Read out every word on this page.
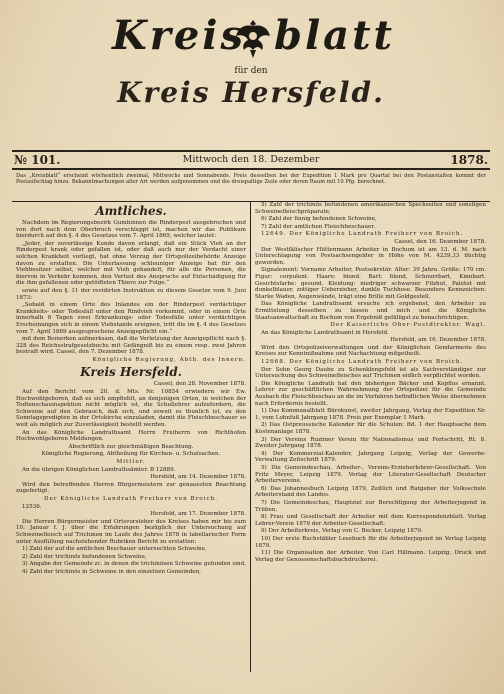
Kreis blatt
für den
Kreis Hersfeld.
№ 101.	Mittwoch den 18. Dezember	1878.
Das „Kreisblatt“ erscheint wöchentlich zweimal, Mittwochs und Sonnabends. Preis desselben bei der Expedition 1 Mark pro Quartal bei den Postanstalten kommt der Postaufschlag hinzu. Bekanntmachungen aller Art werden aufgenommen und die dreispaltige Zeile oder deren Raum mit 10 Pfg. berechnet.
Amtliches.

Nachdem im Regierungsbezirk Gumbinnen die Rinderpest ausgebrochen und von dort nach dem Oberbruch verschleppt ist, machen wir das Publikum hierdurch auf den §. 4 des Gesetzes vom 7. April 1869, welcher lautet:

„Jeder, der zuverlässige Kunde davon erlangt, daß ein Stück Vieh an der Rinderpest krank oder gefallen ist, oder daß auch nur der Verdacht einer solchen Krankheit vorliegt, hat ohne Verzug der Ortspolizeibehörde Anzeige davon zu erstatten. Die Unterlassung schleuniger Anzeige hat für den Viehbesitzer selbst, welcher mit Vieh gehandelt, für alle die Personen, die hiervon in Verkehr kommen, den Verlust des Anspruchs auf Entschädigung für die ihm gefallenen oder getödteten Thiere zur Folge.“

sowie auf den §. 11 der revidirten Instruktion zu diesem Gesetze vom 9. Juni 1873:

„Sobald in einem Orte des Inlandes ein der Rinderpest verdächtiger Krankheits- oder Todesfall unter den Rindvieh vorkommt, oder in einem Orte innerhalb 8 Tagen zwei Erkrankungs- oder Todesfälle unter verdächtigen Erscheinungen sich in einem Viehstande ereignen, tritt die im §. 4 des Gesetzes vom 7. April 1869 ausgesprochene Anzeigepflicht ein.“

mit dem Bemerken aufmerksam, daß die Verletzung der Anzeigepflicht nach §. 328 des Reichsstrafgesetzbuchs mit Gefängniß bis zu einem resp. zwei Jahren bestraft wird. Cassel, den 7. Dezember 1878.

Königliche Regierung, Abth. des Innern.

Kreis Hersfeld.

Cassel, den 28. November 1878.

Auf den Bericht vom 20. d. Mts. Nr. 10854 erwiedern wir Ew. Hochwohlgeboren, daß es sich empfiehlt, an denjenigen Orten, in welchen der Todtenschauinspektion nicht möglich ist, die Schullehrer aufzufordern, die Schweine auf den Gebrauch, daß sich, und soweit es thunlich ist, zu den Sonntagspredigten in der Ortskirche einzuladen, damit die Fleischbeschauer so weit als möglich zur Zuverlässigkeit bestellt werden.

An das Königliche Landrathsamt Herrn Freiherrn von Richthofen Hochwohlgeboren Meldungen.

Abschriftlich zur gleichmäßigen Beachtung.

Königliche Regierung, Abtheilung für Kirchen- u. Schulsachen.

Mittler.

An die übrigen Königlichen Landrathsämter. B 12889.

Hersfeld, am 14. Dezember 1878.

Wird den betreffenden Herren Bürgermeistern zur genauesten Beachtung zugefertigt.

Der Königliche Landrath Freiherr von Broich.

12536.

Hersfeld, am 17. Dezember 1878.

Die Herren Bürgermeister und Ortsvorsteher des Kreises haben mir bis zum 10. Januar f. J. über die Erfahrungen bezüglich der Untersuchung auf Schweinefleisch auf Trichinen im Laufe des Jahres 1878 in tabellarischer Form unter Ausfüllung nachstehender Rubriken Bericht zu erstatten:

1) Zahl der auf die amtlichen Beschauer untersuchten Schweine,

2) Zahl der trichinös befundenen Schweine,

3) Angabe der Gemeinde zc. in denen die trichinösen Schweine gefunden sind,

4) Zahl der trichinös in Schweine in den einzelnen Gemeinden,

5) Zahl der trichinös befundenen amerikanischen Speckseiten und sonstigen Schweinefleischpräparate,

6) Zahl der finnig befundenen Schweine,

7) Zahl der amtlichen Fleischbeschauer.

12649. Der Königliche Landrath Freiherr von Broich.

Cassel, den 16. Dezember 1878.

Der Westfälischer Hüttenmann Arbeiter in Bochum ist am 13. d. M. nach Unterschlagung von Postsachsengelder in Höhe von M. 4239,33 flüchtig geworden.

Signalement: Vorname Arbeiter, Postsekretär. Alter: 39 Jahre. Größe: 170 cm. Figur: corpulent. Haare: blond. Bart: blond, Schnurrbart, Kinnbart. Gesichtsfarbe: gesund. Kleidung: niedriger schwarzer Filzhut, Paletot mit dunkelblauer, zottiger Ueberzieher, dunkle Tuchhose. Besondere Kennzeichen: Starke Waden, Augenwände, trägt eine Brille mit Goldgestell.

Das Königliche Landrathsamt ersuche ich ergebenst, den Arbeiter zu Ermittelung desselben zu lassen und mich und die Königliche Staatsanwaltschaft zu Bochum von Ergebniß gefälligst zu benachrichtigen.

Der Kaiserliche Ober-Postdirektor. Wagl.

An das Königliche Landrathsamt in Hersfeld.

Hersfeld, am 16. Dezember 1878.

Wird den Ortspolizeiverwaltungen und der Königlichen Gendarmerie des Kreises zur Kenntnißnahme und Nachachtung mitgetheilt.

12668. Der Königliche Landrath Freiherr von Broich.

Der Sohn Georg Daube zu Schenklengsfeld ist als Sachverständiger zur Untersuchung des Schweinefleisches auf Trichinen eidlich verpflichtet worden.

Die Königliche Landrath hat den bisherigen Bäcker und Kopflos ernannt. Lehrer zur geschäftlichen Wahrnehmung der Ortspolizei für die Gemeinde Ausbach die Fleischbeschau an die im Verfahren befindlichen Weise übernehmen nach Erfordernis bestellt.

1) Das Kommunalblatt Bürokunst, zweiter Jahrgang, Verlag der Expedition Nr. 1, vom Lohnfuß Jahrgang 1878. Preis per Exemplar 1 Mark.

2) Das Ostpreussische Kalender für die Schulen: Bd. 1 der Hauptsache dem Kostenanlage 1878.

3) Der Vereins Ruzimer Verein für Nationalismus und Fortschritt, Rt. 8. Zweiter Jahrgang 1878.

4) Der Kommerzial-Kalender, Jahrgang Leipzig, Verlag der Gewerbe-Verwaltung Zeitschrift 1879.

5) Die Gemeindeschau, Arbeiter-, Vereins-Erzieherlehrer-Gesellschaft. Von Fritz Meyer, Leipzig 1879. Verlag der Literatur-Gesellschaft Deutscher Arbeitervereine.

6) Das Johannesbuch Leipzig 1879, Zeitlich und Ratgeber der Volksschule Arbeiterstand des Landes.

7) Die Gemeindeschau, Hauptziel zur Berechtigung der Arbeiterjugend in Trüben.

8) Frau und Gesellschaft der Arbeiter mit dem Korrespondenzblatt. Verlag Lehrer-Verein 1879 der Arbeiter-Gesellschaft.

9) Der Arbeiterkreis, Verlag von C. Becker, Leipzig 1879.

10) Der erste Buchstäbler Lesebuch für die Arbeiterjugend im Verlag Leipzig 1879.

11) Die Organisation der Arbeiter. Von Carl Hillmann. Leipzig. Druck und Verlag der Genossenschaftsbuchdruckerei.
